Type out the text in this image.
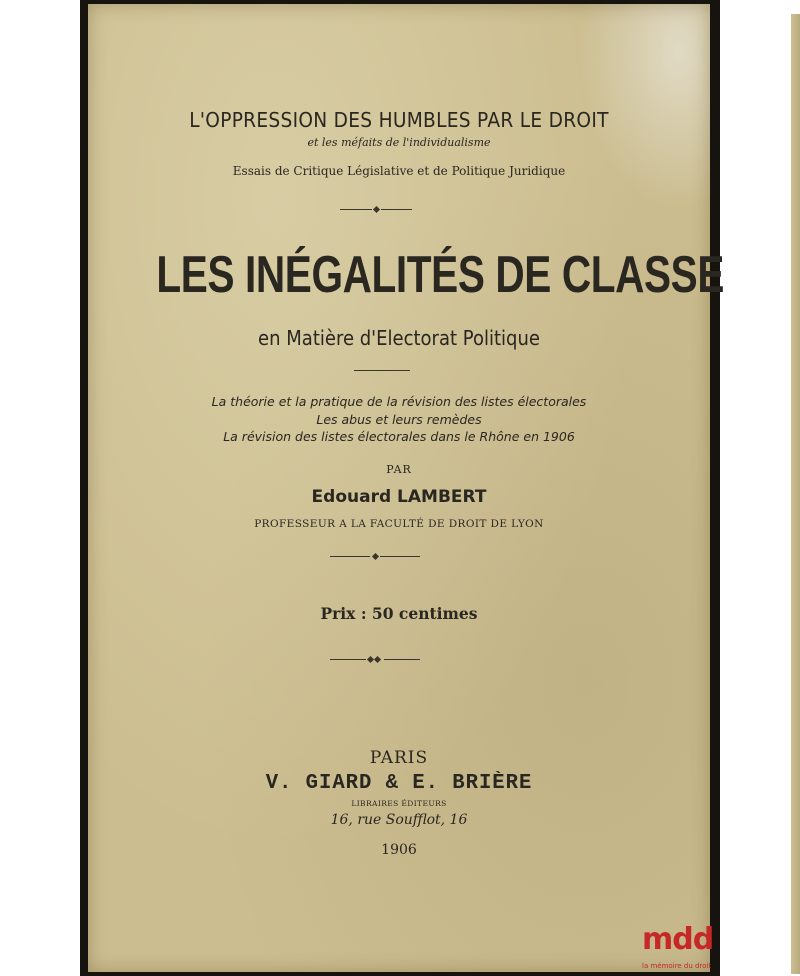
L'OPPRESSION DES HUMBLES PAR LE DROIT
et les méfaits de l'individualisme
Essais de Critique Législative et de Politique Juridique
LES INÉGALITÉS DE CLASSE
en Matière d'Electorat Politique
La théorie et la pratique de la révision des listes électorales
Les abus et leurs remèdes
La révision des listes électorales dans le Rhône en 1906
PAR
Edouard LAMBERT
PROFESSEUR A LA FACULTÉ DE DROIT DE LYON
Prix : 50 centimes
PARIS
V. GIARD & E. BRIÈRE
LIBRAIRES ÉDITEURS
16, rue Soufflot, 16
1906
mdd
la mémoire du droit
